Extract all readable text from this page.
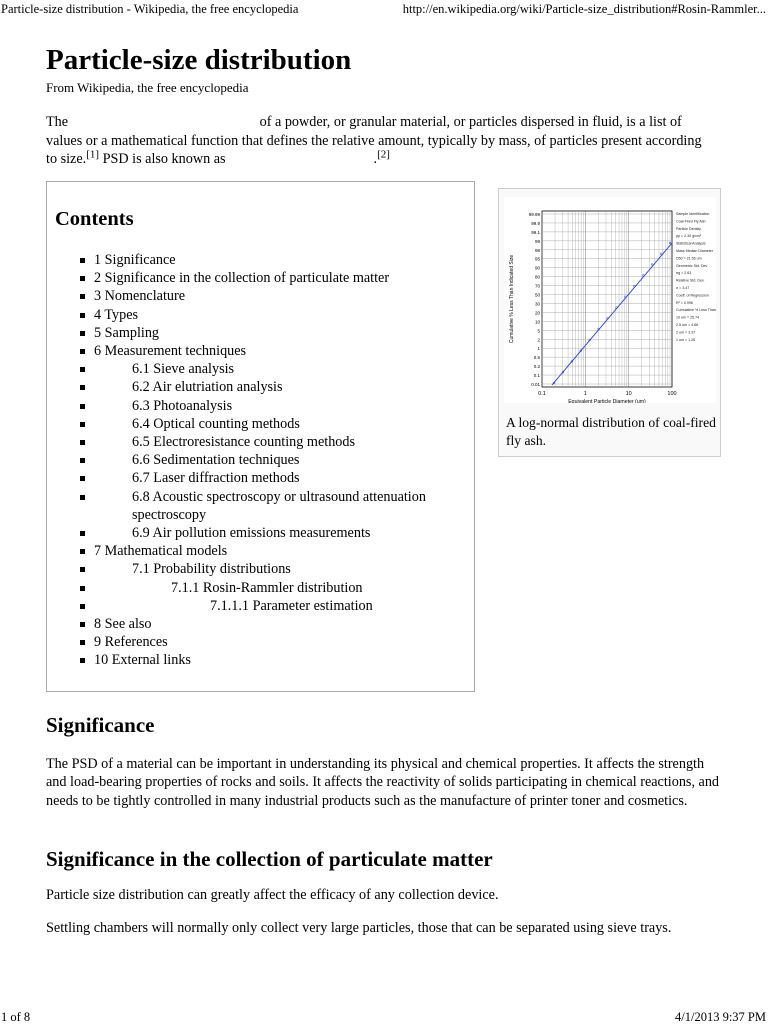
Particle-size distribution - Wikipedia, the free encyclopedia	http://en.wikipedia.org/wiki/Particle-size_distribution#Rosin-Rammler...
Particle-size distribution
From Wikipedia, the free encyclopedia
The	of a powder, or granular material, or particles dispersed in fluid, is a list of values or a mathematical function that defines the relative amount, typically by mass, of particles present according to size.[1] PSD is also known as	.[2]
Contents
1 Significance
2 Significance in the collection of particulate matter
3 Nomenclature
4 Types
5 Sampling
6 Measurement techniques
6.1 Sieve analysis
6.2 Air elutriation analysis
6.3 Photoanalysis
6.4 Optical counting methods
6.5 Electroresistance counting methods
6.6 Sedimentation techniques
6.7 Laser diffraction methods
6.8 Acoustic spectroscopy or ultrasound attenuation spectroscopy
6.9 Air pollution emissions measurements
7 Mathematical models
7.1 Probability distributions
7.1.1 Rosin-Rammler distribution
7.1.1.1 Parameter estimation
8 See also
9 References
10 External links
99.99
99.9
99.1
99
98
95
90
80
70
50
30
20
10
5
2
1
0.5
0.2
0.1
0.01
0.1	1	10	100
Equivalent Particle Diameter (um)
Cumulative % Less Than Indicated Size
Sample Identification
Coal-Fired Fly Ash
Particle Density
ρp = 2.30 g/cm³
Statistical Analysis
Mass Median Diameter
D50 = 21.56 um
Geometric Std. Dev.
σg = 2.63
Relative Std. Dev.
σ = 3.47
Coeff. of Regression
R² = 0.996
Cumulative % Less Than
10 um = 25.74
2.5 um = 4.66
2 um = 3.37
1 um = 1.26
A log-normal distribution of coal-fired fly ash.
Significance
The PSD of a material can be important in understanding its physical and chemical properties. It affects the strength and load-bearing properties of rocks and soils. It affects the reactivity of solids participating in chemical reactions, and needs to be tightly controlled in many industrial products such as the manufacture of printer toner and cosmetics.
Significance in the collection of particulate matter
Particle size distribution can greatly affect the efficacy of any collection device.
Settling chambers will normally only collect very large particles, those that can be separated using sieve trays.
1 of 8	4/1/2013 9:37 PM
